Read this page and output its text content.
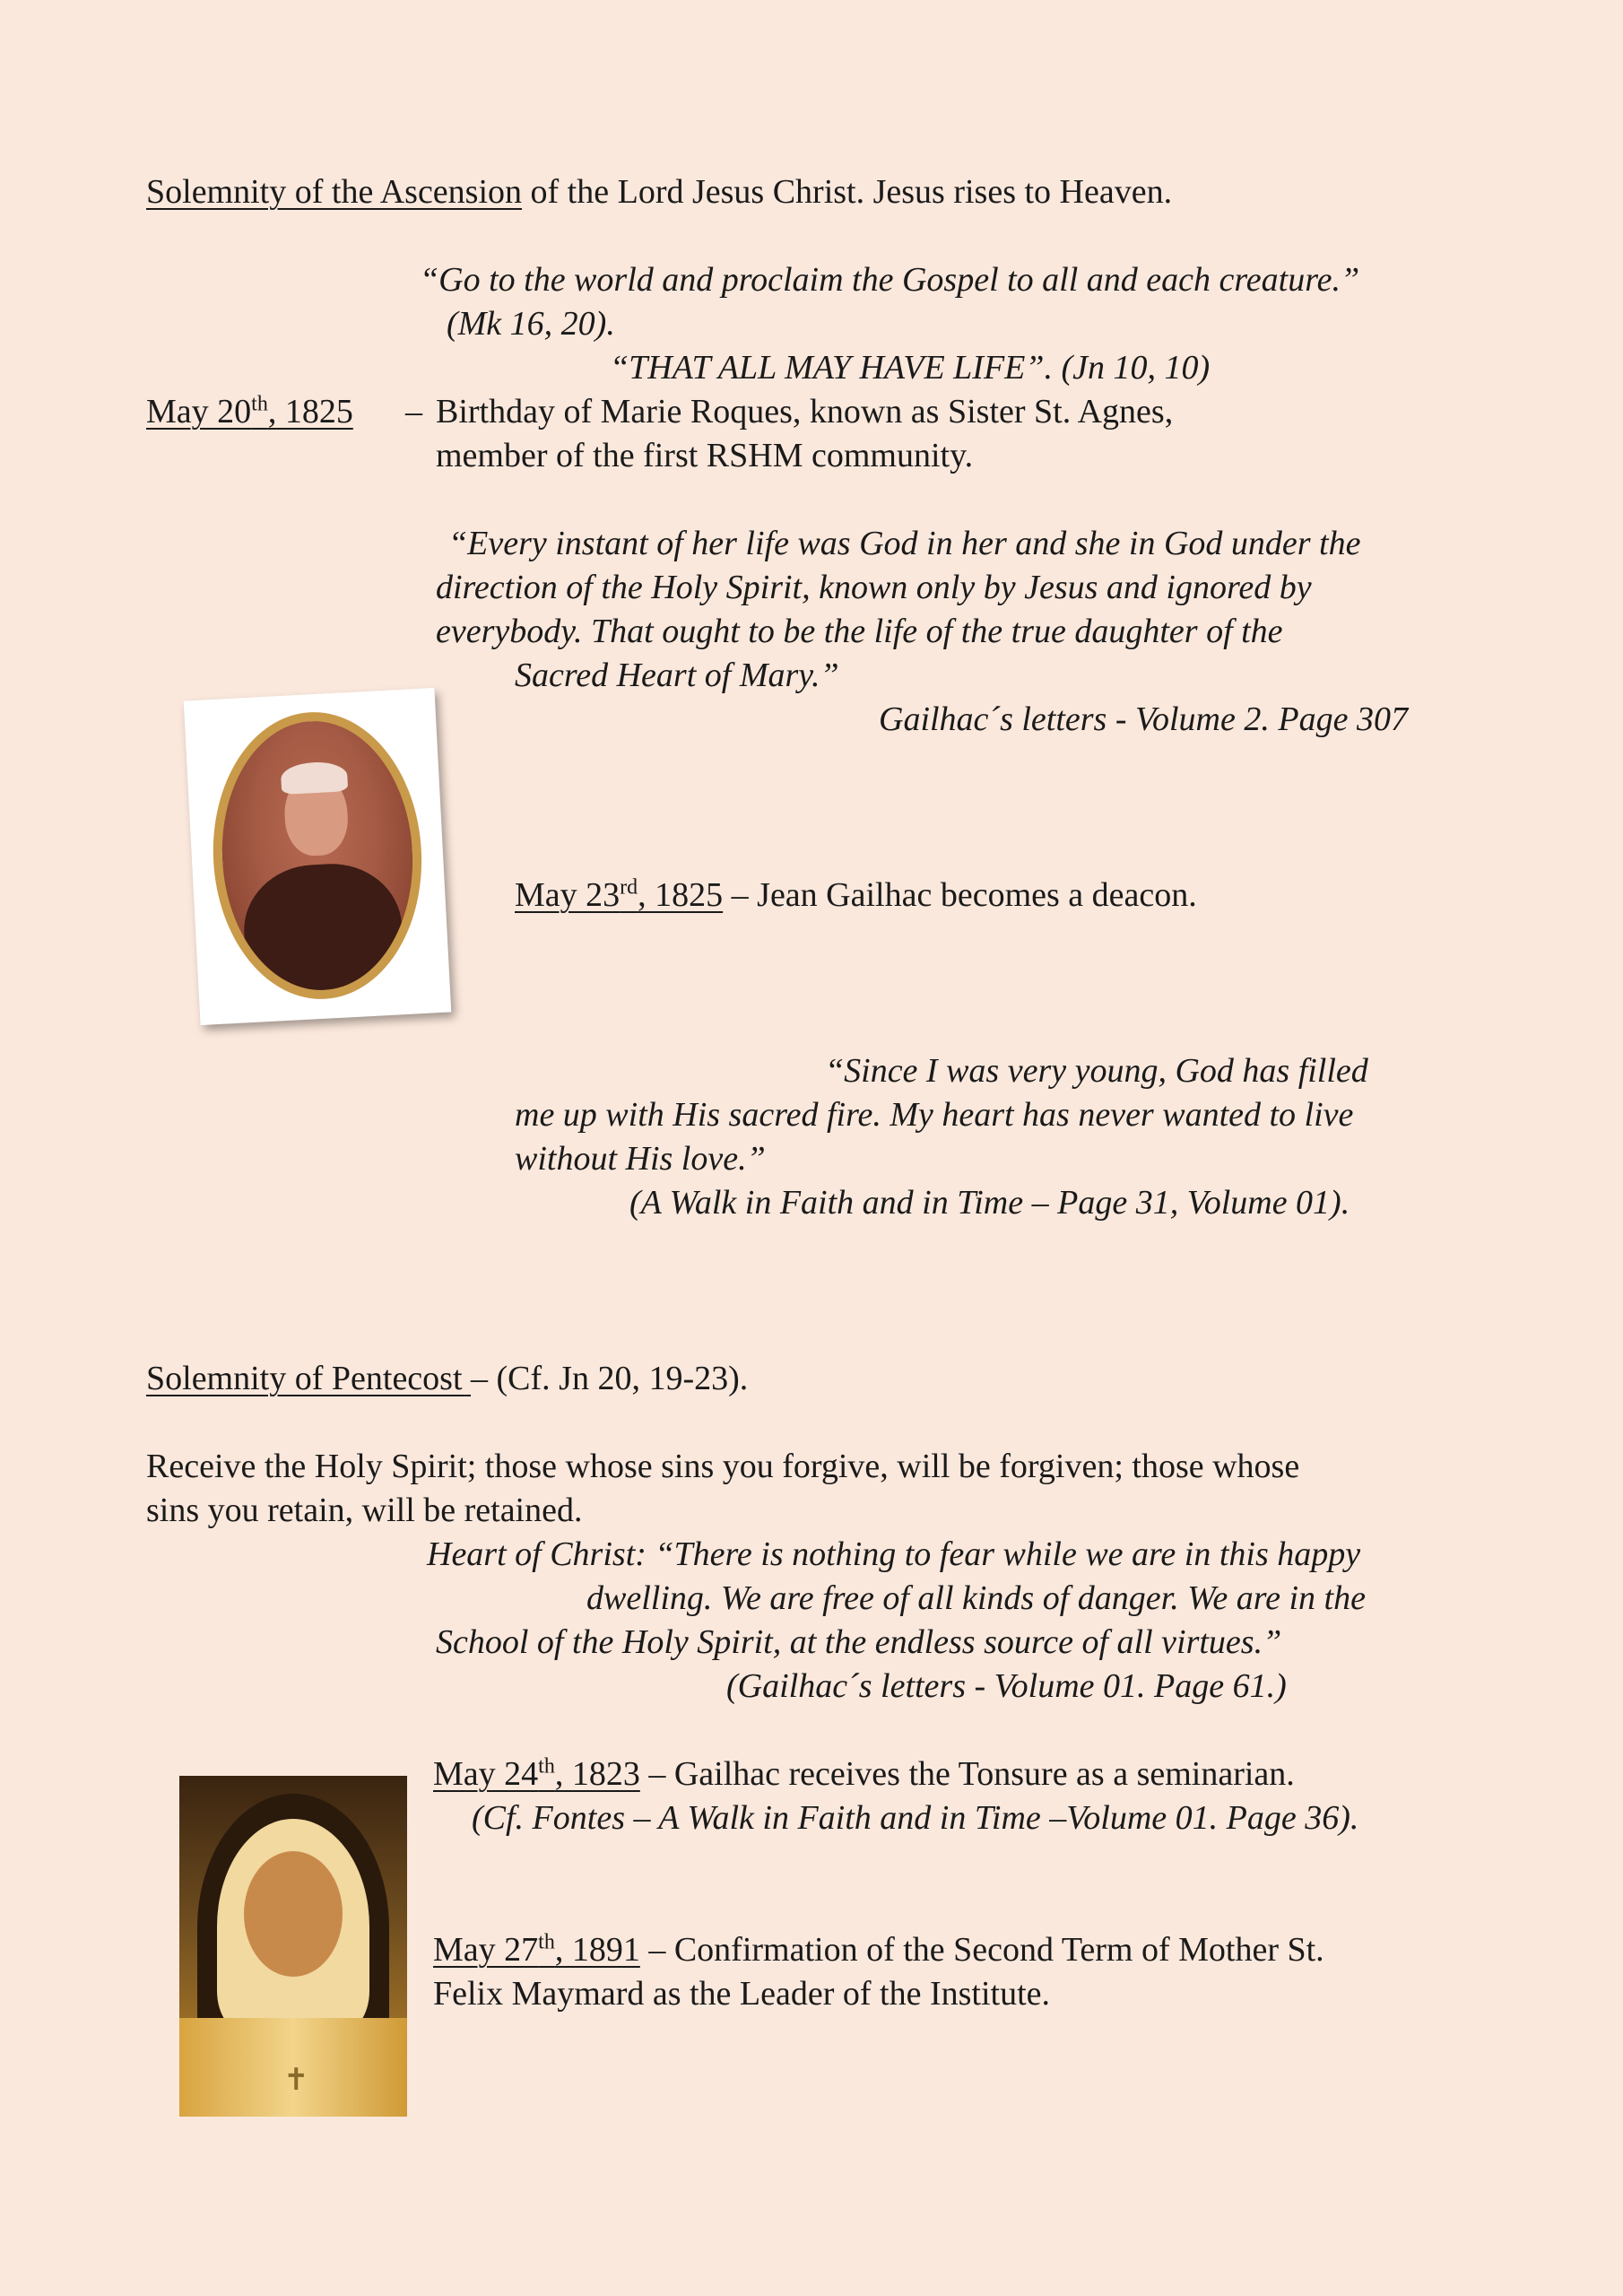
Solemnity of the Ascension of the Lord Jesus Christ. Jesus rises to Heaven.

“Go to the world and proclaim the Gospel to all and each creature.”

(Mk 16, 20).

“THAT ALL MAY HAVE LIFE”. (Jn 10, 10)

May 20th, 1825 – Birthday of Marie Roques, known as Sister St. Agnes,

member of the first RSHM community.

“Every instant of her life was God in her and she in God under the

direction of the Holy Spirit, known only by Jesus and ignored by

everybody. That ought to be the life of the true daughter of the

Sacred Heart of Mary.”

Gailhac´s letters - Volume 2. Page 307

May 23rd, 1825 – Jean Gailhac becomes a deacon.

“Since I was very young, God has filled

me up with His sacred fire. My heart has never wanted to live

without His love.”

(A Walk in Faith and in Time – Page 31, Volume 01).

Solemnity of Pentecost – (Cf. Jn 20, 19-23).

Receive the Holy Spirit; those whose sins you forgive, will be forgiven; those whose

sins you retain, will be retained.

Heart of Christ: “There is nothing to fear while we are in this happy

dwelling. We are free of all kinds of danger. We are in the

School of the Holy Spirit, at the endless source of all virtues.”

(Gailhac´s letters - Volume 01. Page 61.)

✝

May 24th, 1823 – Gailhac receives the Tonsure as a seminarian.

(Cf. Fontes – A Walk in Faith and in Time –Volume 01. Page 36).

May 27th, 1891 – Confirmation of the Second Term of Mother St.

Felix Maymard as the Leader of the Institute.
